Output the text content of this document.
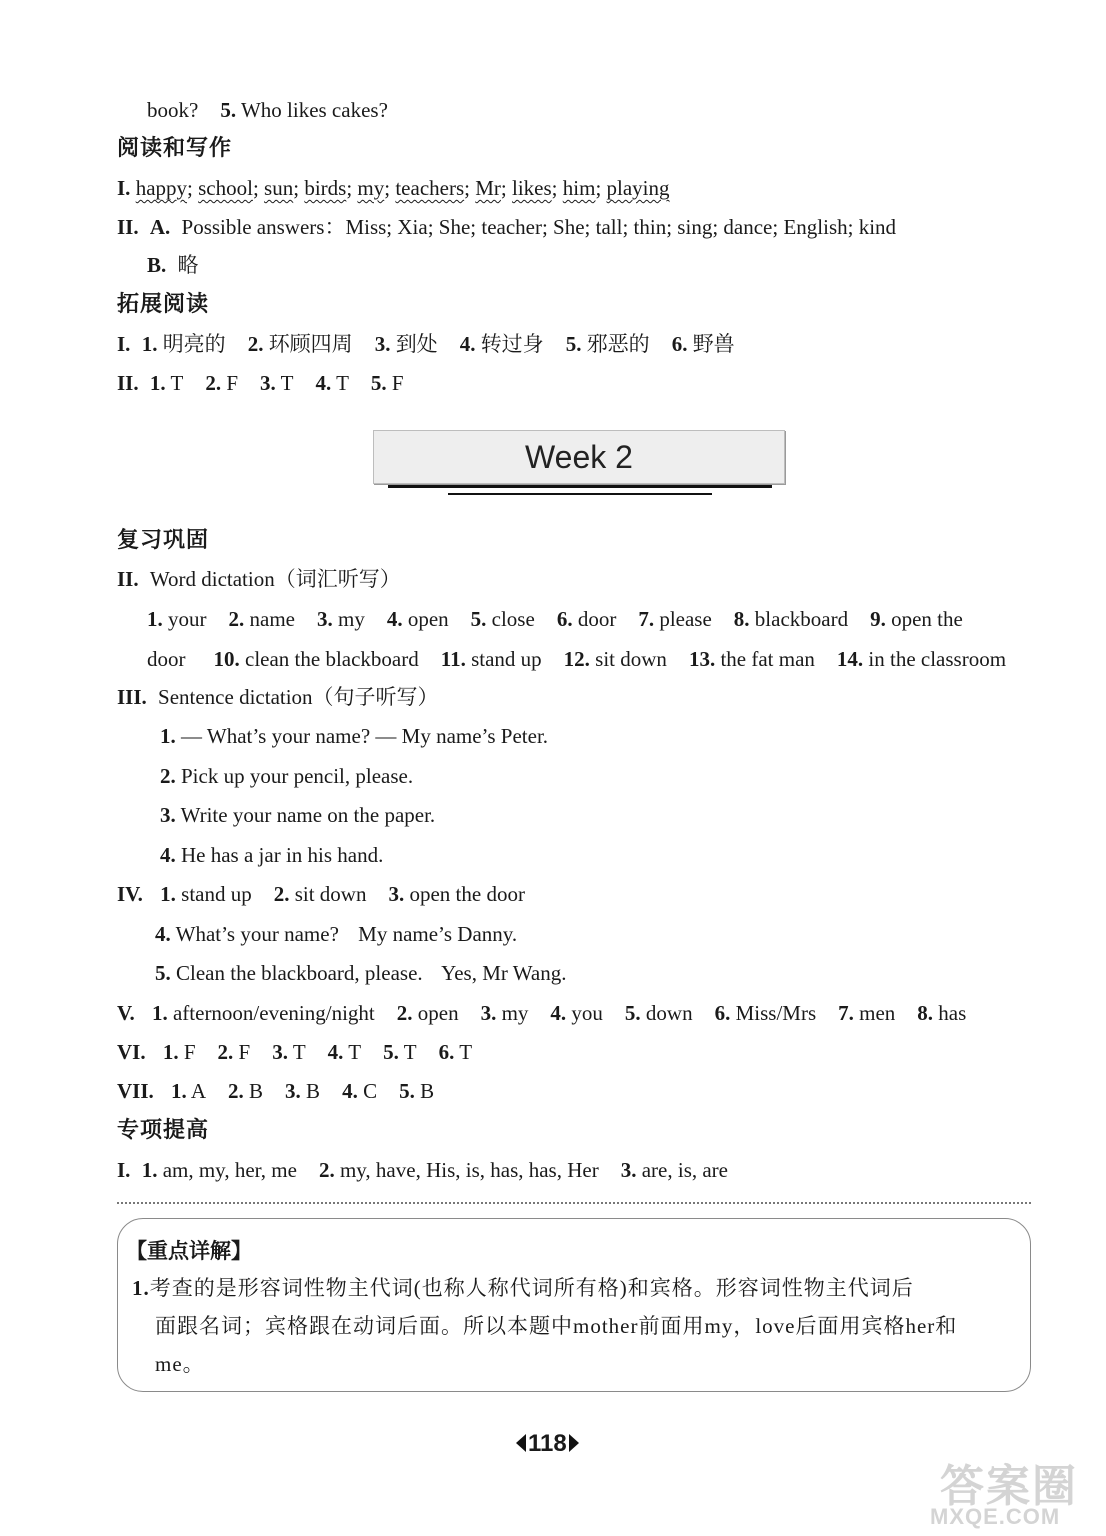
book? 5. Who likes cakes?
阅读和写作
I. happy; school; sun; birds; my; teachers; Mr; likes; him; playing
II. A. Possible answers：Miss; Xia; She; teacher; She; tall; thin; sing; dance; English; kind
B. 略
拓展阅读
I. 1. 明亮的 2. 环顾四周 3. 到处 4. 转过身 5. 邪恶的 6. 野兽
II. 1. T 2. F 3. T 4. T 5. F
Week 2
复习巩固
II. Word dictation（词汇听写）
1. your 2. name 3. my 4. open 5. close 6. door 7. please 8. blackboard 9. open the
door 10. clean the blackboard 11. stand up 12. sit down 13. the fat man 14. in the classroom
III. Sentence dictation（句子听写）
1. — What’s your name? — My name’s Peter.
2. Pick up your pencil, please.
3. Write your name on the paper.
4. He has a jar in his hand.
IV. 1. stand up 2. sit down 3. open the door
4. What’s your name? My name’s Danny.
5. Clean the blackboard, please. Yes, Mr Wang.
V. 1. afternoon/evening/night 2. open 3. my 4. you 5. down 6. Miss/Mrs 7. men 8. has
VI. 1. F 2. F 3. T 4. T 5. T 6. T
VII. 1. A 2. B 3. B 4. C 5. B
专项提高
I. 1. am, my, her, me 2. my, have, His, is, has, has, Her 3. are, is, are
【重点详解】
1.考查的是形容词性物主代词(也称人称代词所有格)和宾格。形容词性物主代词后
面跟名词；宾格跟在动词后面。所以本题中mother前面用my，love后面用宾格her和
me。
118
答案圈
MXQE.COM
